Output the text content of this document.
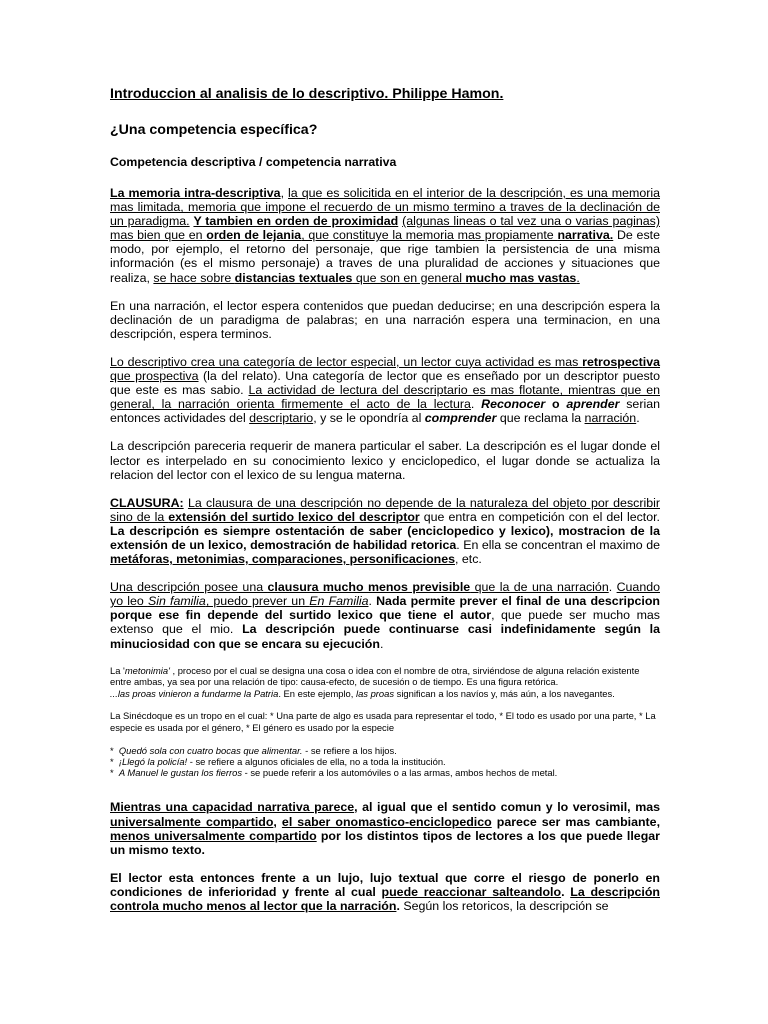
Introduccion al analisis de lo descriptivo. Philippe Hamon.
¿Una competencia específica?
Competencia descriptiva / competencia narrativa

La memoria intra-descriptiva, la que es solicitida en el interior de la descripción, es una memoria mas limitada, memoria que impone el recuerdo de un mismo termino a traves de la declinación de un paradigma. Y tambien en orden de proximidad (algunas lineas o tal vez una o varias paginas) mas bien que en orden de lejania, que constituye la memoria mas propiamente narrativa. De este modo, por ejemplo, el retorno del personaje, que rige tambien la persistencia de una misma información (es el mismo personaje) a traves de una pluralidad de acciones y situaciones que realiza, se hace sobre distancias textuales que son en general mucho mas vastas.

En una narración, el lector espera contenidos que puedan deducirse; en una descripción espera la declinación de un paradigma de palabras; en una narración espera una terminacion, en una descripción, espera terminos.

Lo descriptivo crea una categoría de lector especial, un lector cuya actividad es mas retrospectiva que prospectiva (la del relato). Una categoría de lector que es enseñado por un descriptor puesto que este es mas sabio. La actividad de lectura del descriptario es mas flotante, mientras que en general, la narración orienta firmemente el acto de la lectura. Reconocer o aprender serian entonces actividades del descriptario, y se le opondría al comprender que reclama la narración.

La descripción pareceria requerir de manera particular el saber. La descripción es el lugar donde el lector es interpelado en su conocimiento lexico y enciclopedico, el lugar donde se actualiza la relacion del lector con el lexico de su lengua materna.

CLAUSURA: La clausura de una descripción no depende de la naturaleza del objeto por describir sino de la extensión del surtido lexico del descriptor que entra en competición con el del lector. La descripción es siempre ostentación de saber (enciclopedico y lexico), mostracion de la extensión de un lexico, demostración de habilidad retorica. En ella se concentran el maximo de metáforas, metonimias, comparaciones, personificaciones, etc.

Una descripción posee una clausura mucho menos previsible que la de una narración. Cuando yo leo Sin familia, puedo prever un En Familia. Nada permite prever el final de una descripcion porque ese fin depende del surtido lexico que tiene el autor, que puede ser mucho mas extenso que el mio. La descripción puede continuarse casi indefinidamente según la minuciosidad con que se encara su ejecución.

La 'metonimia' , proceso por el cual se designa una cosa o idea con el nombre de otra, sirviéndose de alguna relación existente entre ambas, ya sea por una relación de tipo: causa-efecto, de sucesión o de tiempo. Es una figura retórica.
...las proas vinieron a fundarme la Patria. En este ejemplo, las proas significan a los navíos y, más aún, a los navegantes.

La Sinécdoque es un tropo en el cual: * Una parte de algo es usada para representar el todo, * El todo es usado por una parte, * La especie es usada por el género, * El género es usado por la especie

* Quedó sola con cuatro bocas que alimentar. - se refiere a los hijos.
* ¡Llegó la policía! - se refiere a algunos oficiales de ella, no a toda la institución.
* A Manuel le gustan los fierros - se puede referir a los automóviles o a las armas, ambos hechos de metal.

Mientras una capacidad narrativa parece, al igual que el sentido comun y lo verosimil, mas universalmente compartido, el saber onomastico-enciclopedico parece ser mas cambiante, menos universalmente compartido por los distintos tipos de lectores a los que puede llegar un mismo texto.

El lector esta entonces frente a un lujo, lujo textual que corre el riesgo de ponerlo en condiciones de inferioridad y frente al cual puede reaccionar salteandolo. La descripción controla mucho menos al lector que la narración. Según los retoricos, la descripción se
